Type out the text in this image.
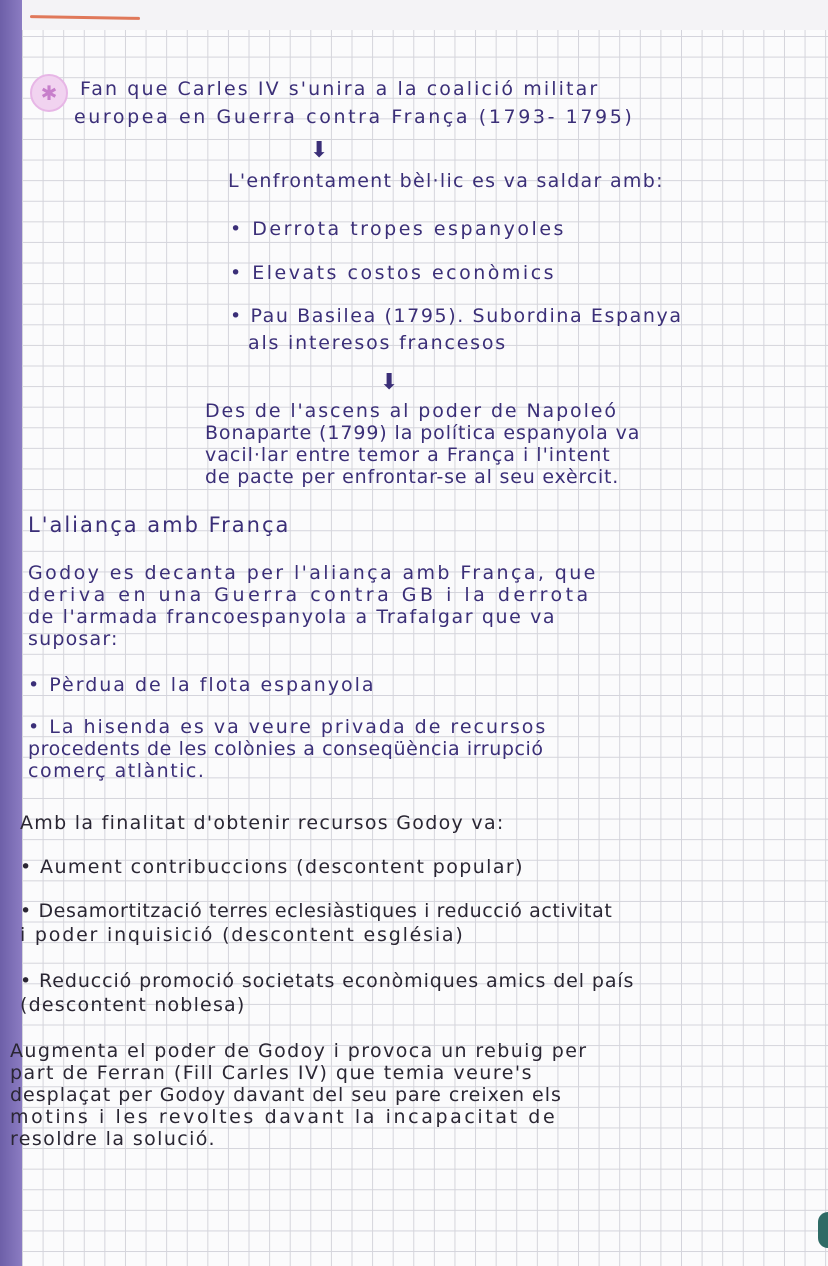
✱	Fan que Carles IV s'unira a la coalició militar
europea en Guerra contra França (1793- 1795)
⬇
L'enfrontament bèl·lic es va saldar amb:
• Derrota tropes espanyoles
• Elevats costos econòmics
• Pau Basilea (1795). Subordina Espanya
als interesos francesos
⬇
Des de l'ascens al poder de Napoleó
Bonaparte (1799) la política espanyola va
vacil·lar entre temor a França i l'intent
de pacte per enfrontar-se al seu exèrcit.
L'aliança amb França
Godoy es decanta per l'aliança amb França, que
deriva en una Guerra contra GB i la derrota
de l'armada francoespanyola a Trafalgar que va
suposar:
• Pèrdua de la flota espanyola
• La hisenda es va veure privada de recursos
procedents de les colònies a conseqüència irrupció
comerç atlàntic.
Amb la finalitat d'obtenir recursos Godoy va:
• Aument contribuccions (descontent popular)
• Desamortització terres eclesiàstiques i reducció activitat
i poder inquisició (descontent església)
• Reducció promoció societats econòmiques amics del país
(descontent noblesa)
Augmenta el poder de Godoy i provoca un rebuig per
part de Ferran (Fill Carles IV) que temia veure's
desplaçat per Godoy davant del seu pare creixen els
motins i les revoltes davant la incapacitat de
resoldre la solució.
